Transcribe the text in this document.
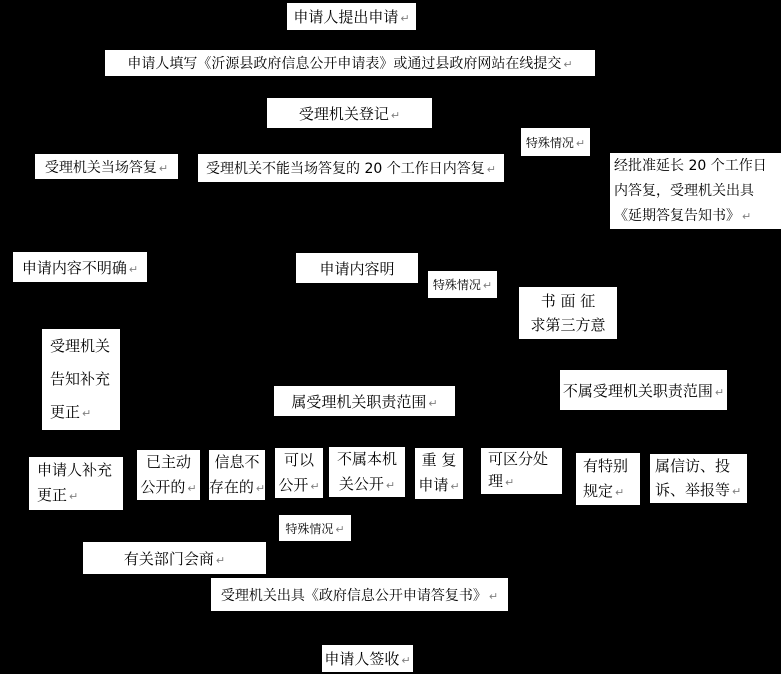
申请人提出申请 ↵
申请人填写《沂源县政府信息公开申请表》或通过县政府网站在线提交 ↵
受理机关登记 ↵
特殊情况 ↵
受理机关当场答复 ↵	受理机关不能当场答复的 20 个工作日内答复 ↵	经批准延长 20 个工作日
内答复，受理机关出具
《延期答复告知书》 ↵
申请内容不明确 ↵	申请内容明
特殊情况 ↵
书 面 征
求第三方意
受理机关
告知补充
更正 ↵
属受理机关职责范围 ↵
不属受理机关职责范围 ↵
申请人补充
更正 ↵
已主动
公开的 ↵
信息不
存在的 ↵
可以
公开 ↵
不属本机
关公开 ↵
重 复
申请 ↵
可区分处
理 ↵
有特别
规定 ↵
属信访、投
诉、举报等 ↵
特殊情况 ↵
有关部门会商 ↵
受理机关出具《政府信息公开申请答复书》 ↵
申请人签收 ↵
